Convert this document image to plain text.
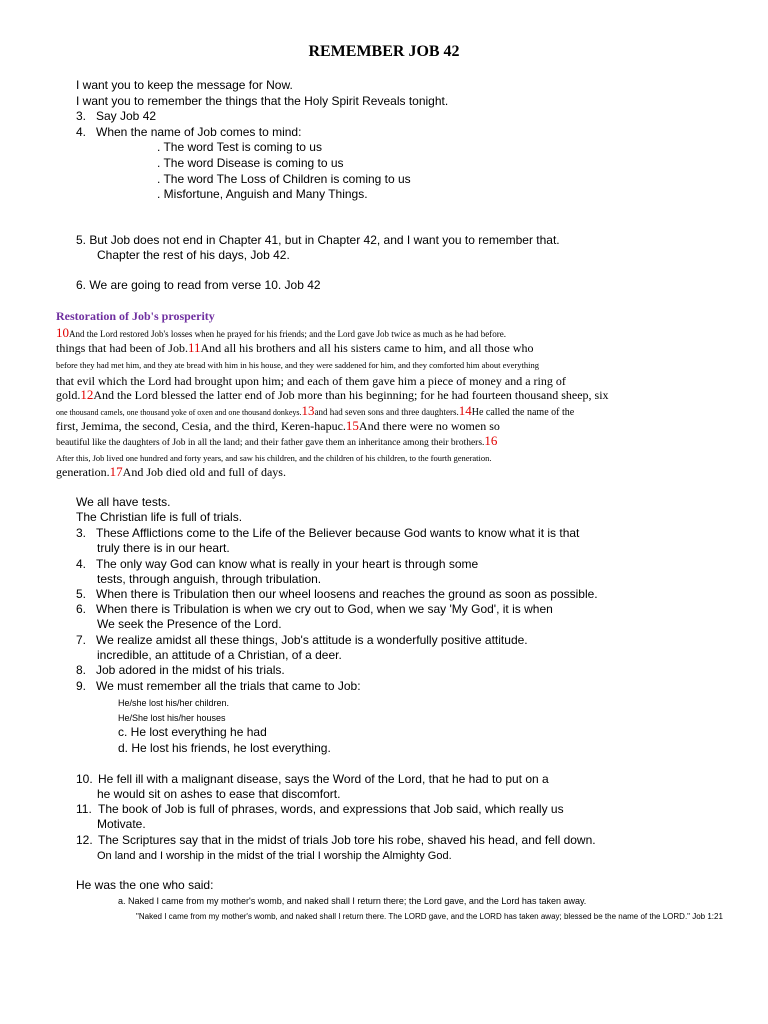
REMEMBER JOB 42
I want you to keep the message for Now.
I want you to remember the things that the Holy Spirit Reveals tonight.
3. Say Job 42
4. When the name of Job comes to mind:
. The word Test is coming to us
. The word Disease is coming to us
. The word The Loss of Children is coming to us
. Misfortune, Anguish and Many Things.
5. But Job does not end in Chapter 41, but in Chapter 42, and I want you to remember that.
Chapter the rest of his days, Job 42.
6. We are going to read from verse 10. Job 42
Restoration of Job's prosperity
10And the Lord restored Job's losses when he prayed for his friends; and the Lord gave Job twice as much as he had before.
things that had been of Job.11And all his brothers and all his sisters came to him, and all those who
before they had met him, and they ate bread with him in his house, and they were saddened for him, and they comforted him about everything
that evil which the Lord had brought upon him; and each of them gave him a piece of money and a ring of
gold.12And the Lord blessed the latter end of Job more than his beginning; for he had fourteen thousand sheep, six
one thousand camels, one thousand yoke of oxen and one thousand donkeys.13and had seven sons and three daughters.14He called the name of the
first, Jemima, the second, Cesia, and the third, Keren-hapuc.15And there were no women so
beautiful like the daughters of Job in all the land; and their father gave them an inheritance among their brothers.16
After this, Job lived one hundred and forty years, and saw his children, and the children of his children, to the fourth generation.
generation.17And Job died old and full of days.
We all have tests.
The Christian life is full of trials.
3. These Afflictions come to the Life of the Believer because God wants to know what it is that
truly there is in our heart.
4. The only way God can know what is really in your heart is through some
tests, through anguish, through tribulation.
5. When there is Tribulation then our wheel loosens and reaches the ground as soon as possible.
6. When there is Tribulation is when we cry out to God, when we say 'My God', it is when
We seek the Presence of the Lord.
7. We realize amidst all these things, Job's attitude is a wonderfully positive attitude.
incredible, an attitude of a Christian, of a deer.
8. Job adored in the midst of his trials.
9. We must remember all the trials that came to Job:
He/she lost his/her children.
He/She lost his/her houses
c. He lost everything he had
d. He lost his friends, he lost everything.
10. He fell ill with a malignant disease, says the Word of the Lord, that he had to put on a
he would sit on ashes to ease that discomfort.
11. The book of Job is full of phrases, words, and expressions that Job said, which really us
Motivate.
12. The Scriptures say that in the midst of trials Job tore his robe, shaved his head, and fell down.
On land and I worship in the midst of the trial I worship the Almighty God.
He was the one who said:
a. Naked I came from my mother's womb, and naked shall I return there; the Lord gave, and the Lord has taken away.
"Naked I came from my mother's womb, and naked shall I return there. The LORD gave, and the LORD has taken away; blessed be the name of the LORD." Job 1:21
